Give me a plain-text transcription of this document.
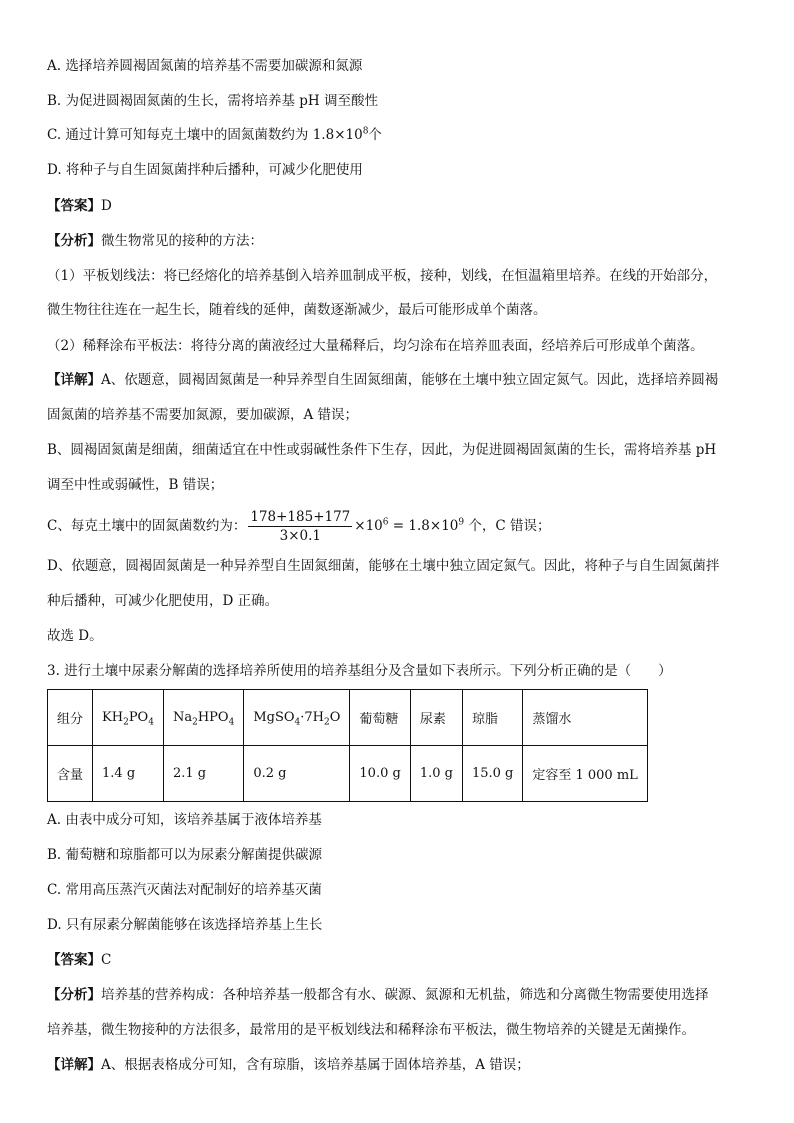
A. 选择培养圆褐固氮菌的培养基不需要加碳源和氮源
B. 为促进圆褐固氮菌的生长，需将培养基 pH 调至酸性
C. 通过计算可知每克土壤中的固氮菌数约为 $1.8\times 10^8$个
D. 将种子与自生固氮菌拌种后播种，可减少化肥使用
【答案】D
【分析】微生物常见的接种的方法：
（1）平板划线法：将已经熔化的培养基倒入培养皿制成平板，接种，划线，在恒温箱里培养。在线的开始部分，
微生物往往连在一起生长，随着线的延伸，菌数逐渐减少，最后可能形成单个菌落。
（2）稀释涂布平板法：将待分离的菌液经过大量稀释后，均匀涂布在培养皿表面，经培养后可形成单个菌落。
【详解】A、依题意，圆褐固氮菌是一种异养型自生固氮细菌，能够在土壤中独立固定氮气。因此，选择培养圆褐
固氮菌的培养基不需要加氮源，要加碳源，A 错误；
B、圆褐固氮菌是细菌，细菌适宜在中性或弱碱性条件下生存，因此，为促进圆褐固氮菌的生长，需将培养基 pH
调至中性或弱碱性，B 错误；
C、每克土壤中的固氮菌数约为： $\frac{178+185+177}{3\times 0.1} \times 10^6 = 1.8\times 10^9$ 个，C 错误；
D、依题意，圆褐固氮菌是一种异养型自生固氮细菌，能够在土壤中独立固定氮气。因此，将种子与自生固氮菌拌
种后播种，可减少化肥使用，D 正确。
故选 D。
3. 进行土壤中尿素分解菌的选择培养所使用的培养基组分及含量如下表所示。下列分析正确的是（　　）
组分	$KH_2PO_4$	$Na_2HPO_4$	$MgSO_4\cdot 7H_2O$	葡萄糖	尿素	琼脂	蒸馏水
含量	1.4 g	2.1 g	0.2 g	10.0 g	1.0 g	15.0 g	定容至 1 000 mL
A. 由表中成分可知，该培养基属于液体培养基
B. 葡萄糖和琼脂都可以为尿素分解菌提供碳源
C. 常用高压蒸汽灭菌法对配制好的培养基灭菌
D. 只有尿素分解菌能够在该选择培养基上生长
【答案】C
【分析】培养基的营养构成：各种培养基一般都含有水、碳源、氮源和无机盐，筛选和分离微生物需要使用选择
培养基，微生物接种的方法很多，最常用的是平板划线法和稀释涂布平板法，微生物培养的关键是无菌操作。
【详解】A、根据表格成分可知，含有琼脂，该培养基属于固体培养基，A 错误；
